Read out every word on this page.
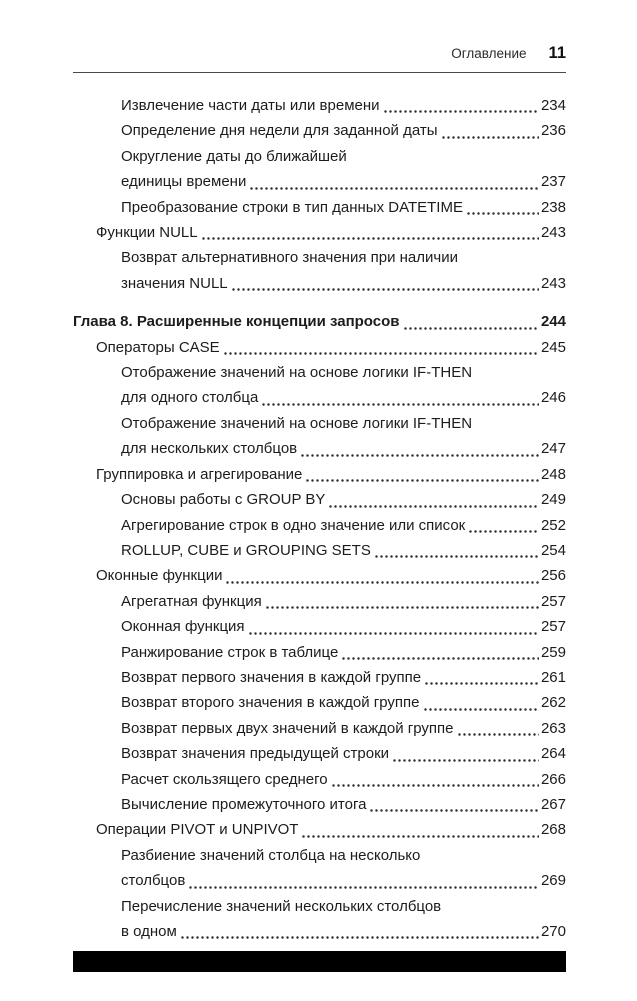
Оглавление 11
Извлечение части даты или времени	234
Определение дня недели для заданной даты	236
Округление даты до ближайшей
единицы времени	237
Преобразование строки в тип данных DATETIME	238
Функции NULL	243
Возврат альтернативного значения при наличии
значения NULL	243
Глава 8. Расширенные концепции запросов	244
Операторы CASE	245
Отображение значений на основе логики IF-THEN
для одного столбца	246
Отображение значений на основе логики IF-THEN
для нескольких столбцов	247
Группировка и агрегирование	248
Основы работы с GROUP BY	249
Агрегирование строк в одно значение или список	252
ROLLUP, CUBE и GROUPING SETS	254
Оконные функции	256
Агрегатная функция	257
Оконная функция	257
Ранжирование строк в таблице	259
Возврат первого значения в каждой группе	261
Возврат второго значения в каждой группе	262
Возврат первых двух значений в каждой группе	263
Возврат значения предыдущей строки	264
Расчет скользящего среднего	266
Вычисление промежуточного итога	267
Операции PIVOT и UNPIVOT	268
Разбиение значений столбца на несколько
столбцов	269
Перечисление значений нескольких столбцов
в одном	270
